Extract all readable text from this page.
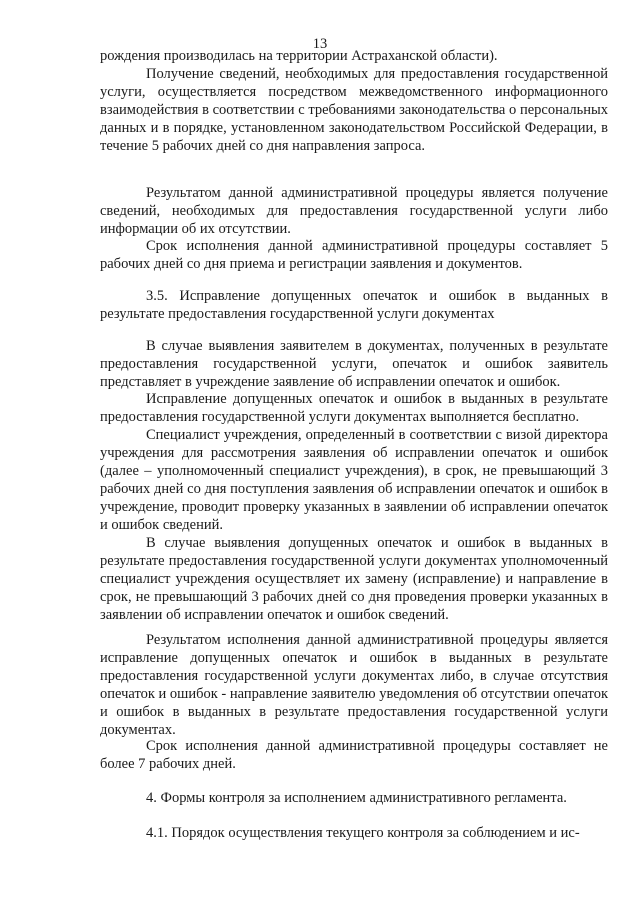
13
рождения производилась на территории Астраханской области).
Получение сведений, необходимых для предоставления государственной услуги, осуществляется посредством межведомственного информационного взаимодействия в соответствии с требованиями законодательства о персональных данных и в порядке, установленном законодательством Российской Федерации, в течение 5 рабочих дней со дня направления запроса.
Результатом данной административной процедуры является получение сведений, необходимых для предоставления государственной услуги либо информации об их отсутствии.
Срок исполнения данной административной процедуры составляет 5 рабочих дней со дня приема и регистрации заявления и документов.
3.5. Исправление допущенных опечаток и ошибок в выданных в результате предоставления государственной услуги документах
В случае выявления заявителем в документах, полученных в результате предоставления государственной услуги, опечаток и ошибок заявитель представляет в учреждение заявление об исправлении опечаток и ошибок.
Исправление допущенных опечаток и ошибок в выданных в результате предоставления государственной услуги документах выполняется бесплатно.
Специалист учреждения, определенный в соответствии с визой директора учреждения для рассмотрения заявления об исправлении опечаток и ошибок (далее – уполномоченный специалист учреждения), в срок, не превышающий 3 рабочих дней со дня поступления заявления об исправлении опечаток и ошибок в учреждение, проводит проверку указанных в заявлении об исправлении опечаток и ошибок сведений.
В случае выявления допущенных опечаток и ошибок в выданных в результате предоставления государственной услуги документах уполномоченный специалист учреждения осуществляет их замену (исправление) и направление в срок, не превышающий 3 рабочих дней со дня проведения проверки указанных в заявлении об исправлении опечаток и ошибок сведений.
Результатом исполнения данной административной процедуры является исправление допущенных опечаток и ошибок в выданных в результате предоставления государственной услуги документах либо, в случае отсутствия опечаток и ошибок - направление заявителю уведомления об отсутствии опечаток и ошибок в выданных в результате предоставления государственной услуги документах.
Срок исполнения данной административной процедуры составляет не более 7 рабочих дней.
4. Формы контроля за исполнением административного регламента.
4.1. Порядок осуществления текущего контроля за соблюдением и ис-
